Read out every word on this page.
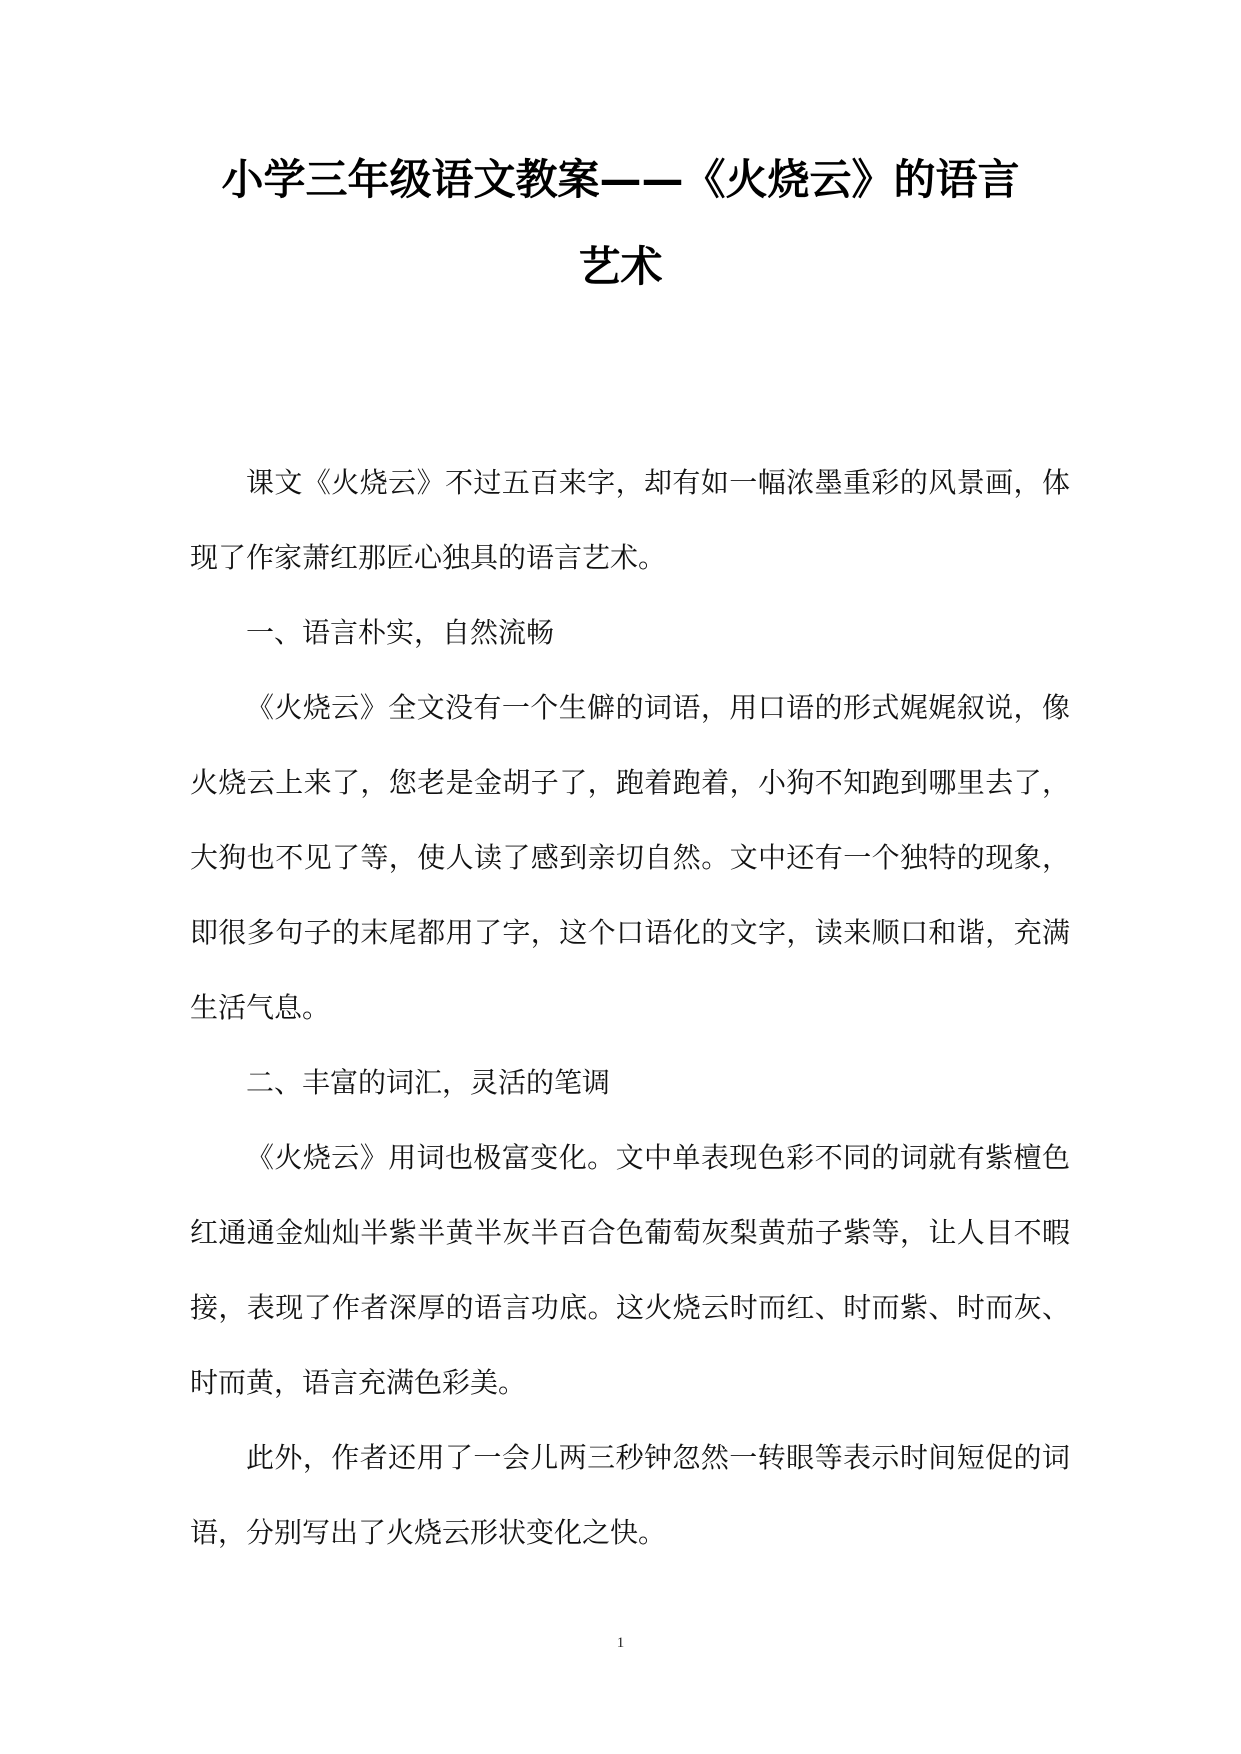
小学三年级语文教案——《火烧云》的语言
艺术

课文《火烧云》不过五百来字，却有如一幅浓墨重彩的风景画，体现了作家萧红那匠心独具的语言艺术。

一、语言朴实，自然流畅

《火烧云》全文没有一个生僻的词语，用口语的形式娓娓叙说，像火烧云上来了，您老是金胡子了，跑着跑着，小狗不知跑到哪里去了，大狗也不见了等，使人读了感到亲切自然。文中还有一个独特的现象，即很多句子的末尾都用了字，这个口语化的文字，读来顺口和谐，充满生活气息。

二、丰富的词汇，灵活的笔调

《火烧云》用词也极富变化。文中单表现色彩不同的词就有紫檀色红通通金灿灿半紫半黄半灰半百合色葡萄灰梨黄茄子紫等，让人目不暇接，表现了作者深厚的语言功底。这火烧云时而红、时而紫、时而灰、时而黄，语言充满色彩美。

此外，作者还用了一会儿两三秒钟忽然一转眼等表示时间短促的词语，分别写出了火烧云形状变化之快。

1
